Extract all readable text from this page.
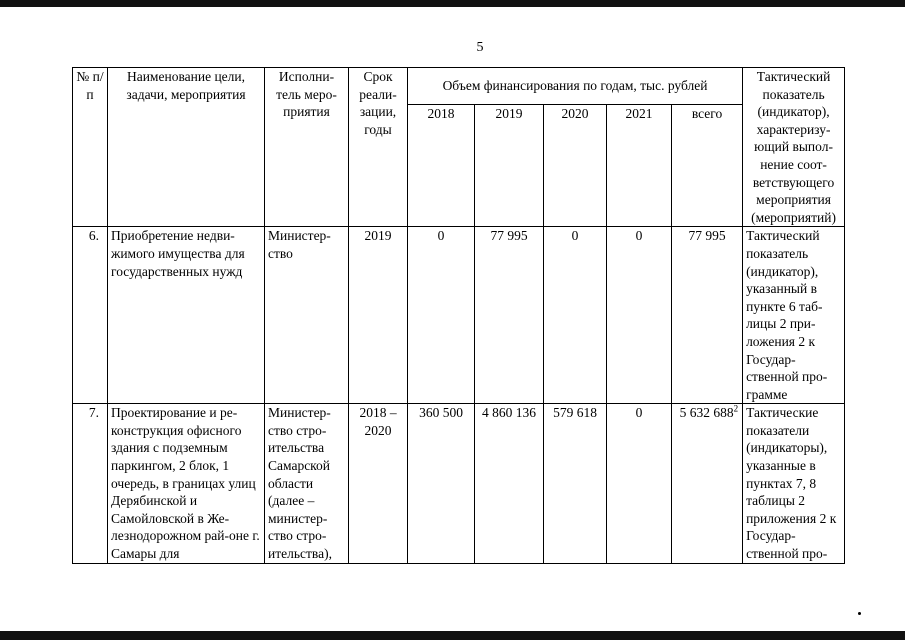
5
№ п/п	Наименование цели, задачи, мероприятия	Исполни-тель меро-приятия	Срок реали-зации, годы	Объем финансирования по годам, тыс. рублей					Тактический показатель (индикатор), характеризу-ющий выпол-нение соот-ветствующего мероприятия (мероприятий)
				2018	2019	2020	2021	всего	
6.	Приобретение недви-жимого имущества для государственных нужд	Министер-ство	2019	0	77 995	0	0	77 995	Тактический показатель (индикатор), указанный в пункте 6 таб-лицы 2 при-ложения 2 к Государ-ственной про-грамме
7.	Проектирование и ре-конструкция офисного здания с подземным паркингом, 2 блок, 1 очередь, в границах улиц Дерябинской и Самойловской в Же-лезнодорожном рай-оне г. Самары для	Министер-ство стро-ительства Самарской области (далее – министер-ство стро-ительства),	2018 – 2020	360 500	4 860 136	579 618	0	5 632 $688^2$	Тактические показатели (индикаторы), указанные в пунктах 7, 8 таблицы 2 приложения 2 к Государ-ственной про-
